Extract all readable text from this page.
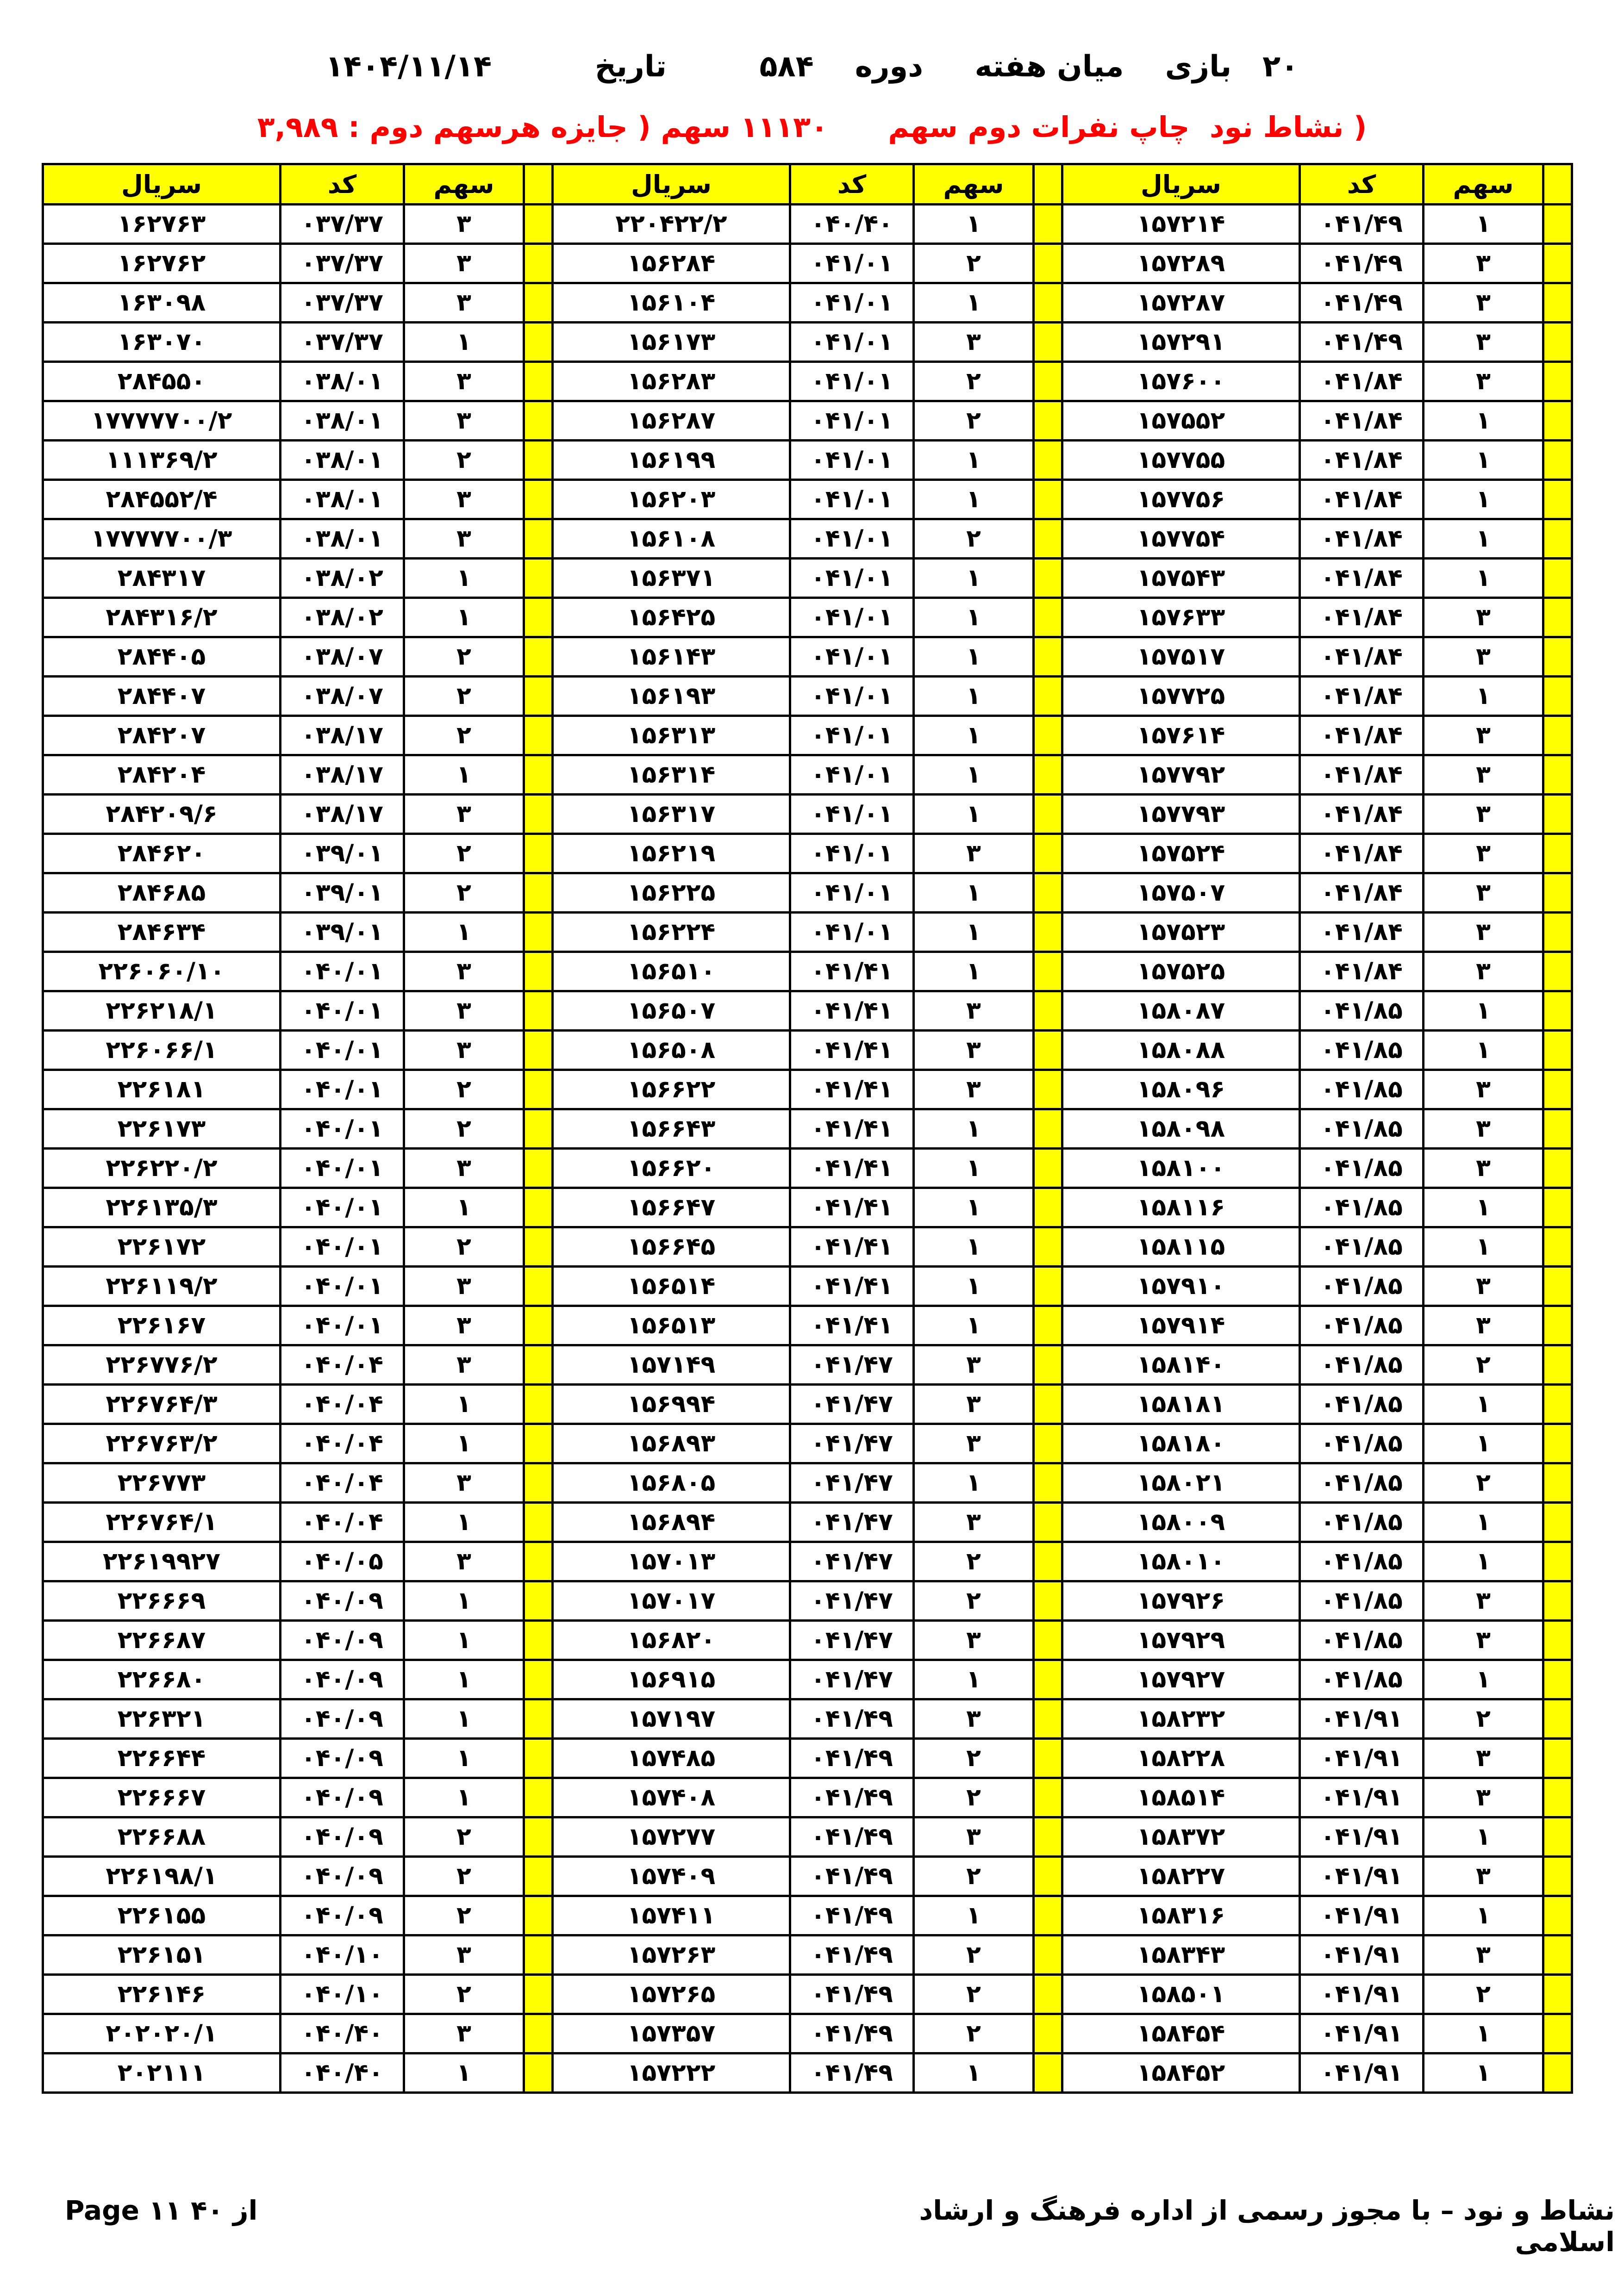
۲۰   بازی    میان هفته     دوره    ۵۸۴         تاریخ          ۱۴۰۴/۱۱/۱۴
( نشاط نود  چاپ نفرات دوم سهم      ۱۱۱۳۰ سهم ( جایزه هرسهم دوم : ۳,۹۸۹
سريال	کد	سهم		سريال	کد	سهم		سريال	کد	سهم	
۱۶۲۷۶۳	۰۳۷/۳۷	۳		۲۲۰۴۲۲/۲	۰۴۰/۴۰	۱		۱۵۷۲۱۴	۰۴۱/۴۹	۱	
۱۶۲۷۶۲	۰۳۷/۳۷	۳		۱۵۶۲۸۴	۰۴۱/۰۱	۲		۱۵۷۲۸۹	۰۴۱/۴۹	۳	
۱۶۳۰۹۸	۰۳۷/۳۷	۳		۱۵۶۱۰۴	۰۴۱/۰۱	۱		۱۵۷۲۸۷	۰۴۱/۴۹	۳	
۱۶۳۰۷۰	۰۳۷/۳۷	۱		۱۵۶۱۷۳	۰۴۱/۰۱	۳		۱۵۷۲۹۱	۰۴۱/۴۹	۳	
۲۸۴۵۵۰	۰۳۸/۰۱	۳		۱۵۶۲۸۳	۰۴۱/۰۱	۲		۱۵۷۶۰۰	۰۴۱/۸۴	۳	
۱۷۷۷۷۷۰۰/۲	۰۳۸/۰۱	۳		۱۵۶۲۸۷	۰۴۱/۰۱	۲		۱۵۷۵۵۲	۰۴۱/۸۴	۱	
۱۱۱۳۶۹/۲	۰۳۸/۰۱	۲		۱۵۶۱۹۹	۰۴۱/۰۱	۱		۱۵۷۷۵۵	۰۴۱/۸۴	۱	
۲۸۴۵۵۲/۴	۰۳۸/۰۱	۳		۱۵۶۲۰۳	۰۴۱/۰۱	۱		۱۵۷۷۵۶	۰۴۱/۸۴	۱	
۱۷۷۷۷۷۰۰/۳	۰۳۸/۰۱	۳		۱۵۶۱۰۸	۰۴۱/۰۱	۲		۱۵۷۷۵۴	۰۴۱/۸۴	۱	
۲۸۴۳۱۷	۰۳۸/۰۲	۱		۱۵۶۳۷۱	۰۴۱/۰۱	۱		۱۵۷۵۴۳	۰۴۱/۸۴	۱	
۲۸۴۳۱۶/۲	۰۳۸/۰۲	۱		۱۵۶۴۲۵	۰۴۱/۰۱	۱		۱۵۷۶۳۳	۰۴۱/۸۴	۳	
۲۸۴۴۰۵	۰۳۸/۰۷	۲		۱۵۶۱۴۳	۰۴۱/۰۱	۱		۱۵۷۵۱۷	۰۴۱/۸۴	۳	
۲۸۴۴۰۷	۰۳۸/۰۷	۲		۱۵۶۱۹۳	۰۴۱/۰۱	۱		۱۵۷۷۲۵	۰۴۱/۸۴	۱	
۲۸۴۲۰۷	۰۳۸/۱۷	۲		۱۵۶۳۱۳	۰۴۱/۰۱	۱		۱۵۷۶۱۴	۰۴۱/۸۴	۳	
۲۸۴۲۰۴	۰۳۸/۱۷	۱		۱۵۶۳۱۴	۰۴۱/۰۱	۱		۱۵۷۷۹۲	۰۴۱/۸۴	۳	
۲۸۴۲۰۹/۶	۰۳۸/۱۷	۳		۱۵۶۳۱۷	۰۴۱/۰۱	۱		۱۵۷۷۹۳	۰۴۱/۸۴	۳	
۲۸۴۶۲۰	۰۳۹/۰۱	۲		۱۵۶۲۱۹	۰۴۱/۰۱	۳		۱۵۷۵۲۴	۰۴۱/۸۴	۳	
۲۸۴۶۸۵	۰۳۹/۰۱	۲		۱۵۶۲۲۵	۰۴۱/۰۱	۱		۱۵۷۵۰۷	۰۴۱/۸۴	۳	
۲۸۴۶۳۴	۰۳۹/۰۱	۱		۱۵۶۲۲۴	۰۴۱/۰۱	۱		۱۵۷۵۲۳	۰۴۱/۸۴	۳	
۲۲۶۰۶۰/۱۰	۰۴۰/۰۱	۳		۱۵۶۵۱۰	۰۴۱/۴۱	۱		۱۵۷۵۲۵	۰۴۱/۸۴	۳	
۲۲۶۲۱۸/۱	۰۴۰/۰۱	۳		۱۵۶۵۰۷	۰۴۱/۴۱	۳		۱۵۸۰۸۷	۰۴۱/۸۵	۱	
۲۲۶۰۶۶/۱	۰۴۰/۰۱	۳		۱۵۶۵۰۸	۰۴۱/۴۱	۳		۱۵۸۰۸۸	۰۴۱/۸۵	۱	
۲۲۶۱۸۱	۰۴۰/۰۱	۲		۱۵۶۶۲۲	۰۴۱/۴۱	۳		۱۵۸۰۹۶	۰۴۱/۸۵	۳	
۲۲۶۱۷۳	۰۴۰/۰۱	۲		۱۵۶۶۴۳	۰۴۱/۴۱	۱		۱۵۸۰۹۸	۰۴۱/۸۵	۳	
۲۲۶۲۲۰/۲	۰۴۰/۰۱	۳		۱۵۶۶۲۰	۰۴۱/۴۱	۱		۱۵۸۱۰۰	۰۴۱/۸۵	۳	
۲۲۶۱۳۵/۳	۰۴۰/۰۱	۱		۱۵۶۶۴۷	۰۴۱/۴۱	۱		۱۵۸۱۱۶	۰۴۱/۸۵	۱	
۲۲۶۱۷۲	۰۴۰/۰۱	۲		۱۵۶۶۴۵	۰۴۱/۴۱	۱		۱۵۸۱۱۵	۰۴۱/۸۵	۱	
۲۲۶۱۱۹/۲	۰۴۰/۰۱	۳		۱۵۶۵۱۴	۰۴۱/۴۱	۱		۱۵۷۹۱۰	۰۴۱/۸۵	۳	
۲۲۶۱۶۷	۰۴۰/۰۱	۳		۱۵۶۵۱۳	۰۴۱/۴۱	۱		۱۵۷۹۱۴	۰۴۱/۸۵	۳	
۲۲۶۷۷۶/۲	۰۴۰/۰۴	۳		۱۵۷۱۴۹	۰۴۱/۴۷	۳		۱۵۸۱۴۰	۰۴۱/۸۵	۲	
۲۲۶۷۶۴/۳	۰۴۰/۰۴	۱		۱۵۶۹۹۴	۰۴۱/۴۷	۳		۱۵۸۱۸۱	۰۴۱/۸۵	۱	
۲۲۶۷۶۳/۲	۰۴۰/۰۴	۱		۱۵۶۸۹۳	۰۴۱/۴۷	۳		۱۵۸۱۸۰	۰۴۱/۸۵	۱	
۲۲۶۷۷۳	۰۴۰/۰۴	۳		۱۵۶۸۰۵	۰۴۱/۴۷	۱		۱۵۸۰۲۱	۰۴۱/۸۵	۲	
۲۲۶۷۶۴/۱	۰۴۰/۰۴	۱		۱۵۶۸۹۴	۰۴۱/۴۷	۳		۱۵۸۰۰۹	۰۴۱/۸۵	۱	
۲۲۶۱۹۹۲۷	۰۴۰/۰۵	۳		۱۵۷۰۱۳	۰۴۱/۴۷	۲		۱۵۸۰۱۰	۰۴۱/۸۵	۱	
۲۲۶۶۶۹	۰۴۰/۰۹	۱		۱۵۷۰۱۷	۰۴۱/۴۷	۲		۱۵۷۹۲۶	۰۴۱/۸۵	۳	
۲۲۶۶۸۷	۰۴۰/۰۹	۱		۱۵۶۸۲۰	۰۴۱/۴۷	۳		۱۵۷۹۲۹	۰۴۱/۸۵	۳	
۲۲۶۶۸۰	۰۴۰/۰۹	۱		۱۵۶۹۱۵	۰۴۱/۴۷	۱		۱۵۷۹۲۷	۰۴۱/۸۵	۱	
۲۲۶۳۲۱	۰۴۰/۰۹	۱		۱۵۷۱۹۷	۰۴۱/۴۹	۳		۱۵۸۲۳۲	۰۴۱/۹۱	۲	
۲۲۶۶۴۴	۰۴۰/۰۹	۱		۱۵۷۴۸۵	۰۴۱/۴۹	۲		۱۵۸۲۲۸	۰۴۱/۹۱	۳	
۲۲۶۶۶۷	۰۴۰/۰۹	۱		۱۵۷۴۰۸	۰۴۱/۴۹	۲		۱۵۸۵۱۴	۰۴۱/۹۱	۳	
۲۲۶۶۸۸	۰۴۰/۰۹	۲		۱۵۷۲۷۷	۰۴۱/۴۹	۳		۱۵۸۳۷۲	۰۴۱/۹۱	۱	
۲۲۶۱۹۸/۱	۰۴۰/۰۹	۲		۱۵۷۴۰۹	۰۴۱/۴۹	۲		۱۵۸۲۲۷	۰۴۱/۹۱	۳	
۲۲۶۱۵۵	۰۴۰/۰۹	۲		۱۵۷۴۱۱	۰۴۱/۴۹	۱		۱۵۸۳۱۶	۰۴۱/۹۱	۱	
۲۲۶۱۵۱	۰۴۰/۱۰	۳		۱۵۷۲۶۳	۰۴۱/۴۹	۲		۱۵۸۳۴۳	۰۴۱/۹۱	۳	
۲۲۶۱۴۶	۰۴۰/۱۰	۲		۱۵۷۲۶۵	۰۴۱/۴۹	۲		۱۵۸۵۰۱	۰۴۱/۹۱	۲	
۲۰۲۰۲۰/۱	۰۴۰/۴۰	۳		۱۵۷۳۵۷	۰۴۱/۴۹	۲		۱۵۸۴۵۴	۰۴۱/۹۱	۱	
۲۰۲۱۱۱	۰۴۰/۴۰	۱		۱۵۷۲۲۲	۰۴۱/۴۹	۱		۱۵۸۴۵۲	۰۴۱/۹۱	۱	
نشاط و نود – با مجوز رسمی از اداره فرهنگ و ارشاد اسلامی
Page ۱۱ از ۴۰
